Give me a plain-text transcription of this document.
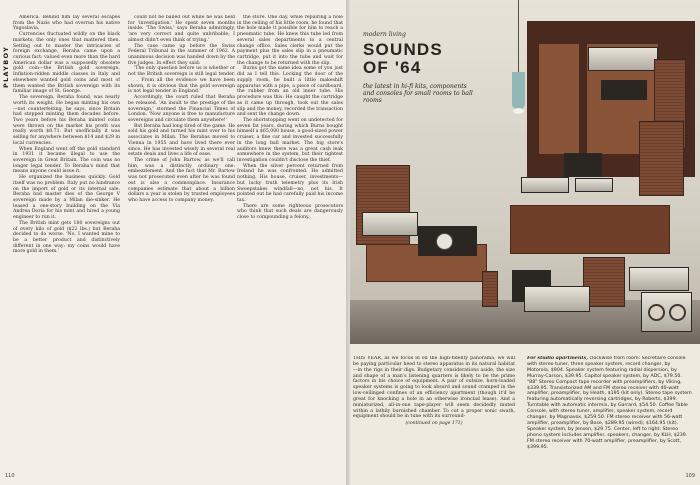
PLAYBOY

America. Behind him lay several escapes from the Nazis who had overrun his native Yugoslavia.

Currencies fluctuated wildly on the black markets; the only ones that mattered then. Setting out to master the intricacies of foreign exchange, Beraha came upon a curious fact: valued even more than the hard American dollar was a supposedly obsolete gold coin—the British gold sovereign. Inflation-ridden middle classes in Italy and elsewhere wanted gold coins and most of them wanted the British sovereign with its familiar image of St. George.

The sovereign, Beraha found, was nearly worth its weight. He began minting his own—not counterfeiting, he says, since Britain had stopped minting them decades before. Two years before his Beraha minted coins were thrown on the market his profit was really worth $8.71. But unofficially it was selling for anywhere between $14 and $29 in local currencies.

When England went off the gold standard in 1931 it became illegal to use the sovereign in Great Britain. The coin was no longer legal tender. To Beraha's mind that means anyone could issue it.

He organized the business quickly. Gold itself was no problem. Italy put no hindrance on the import of gold or its internal sale. Beraha had master dies of the George V sovereign made by a Milan die-sinker. He leased a one-story building on the Via Andrea Doria for his mint and hired a young engineer to run it.

The British mint gets 180 sovereigns out of every kilo of gold ($22 lbs.) but Beraha decided to do worse. 'No, I wanted mine to be a better product and distinctively different in one way: my coins would have more gold in them.'

could not be bailed out while he was held for 'investigation.' He spent seven months inside. 'The Swiss,' says Beraha admiringly, 'are very correct and quite unbribable; I almost didn't even think of trying.'

The case came up before the Swiss Federal Tribunal in the summer of 1962. A unanimous decision was handed down by the five judges. In effect they said:

'The only question before us is whether or not the British sovereign is still legal tender. . . . From all the evidence we have been shown, it is obvious that the gold sovereign is not legal tender in England.'

Accordingly, the court ruled that Beraha be released. 'An insult to the prestige of the sovereign,' stormed the Financial Times of London. 'Now anyone is free to manufacture sovereigns and circulate them anywhere!'

But Beraha had long tired of the game. He sold his gold and turned his mint over to his associates in Milan. The Berahas moved to Vienna in 1955 and have lived there ever since. He has invested wisely in several real estate deals and lives a life of ease.

The crime of John Bartow, as we'll call him, was a distinctly ordinary one: embezzlement. And the fact that Mr. Bartow was not prosecuted even after he was found out is also a commonplace. Insurance companies estimate that about a billion dollars a year is stolen by trusted employees who have access to company money.

the store. One day, while repairing a hole in the ceiling of his little room, he found that the hole made it possible for him to reach a pneumatic tube. He knew this tube led from several sales departments to a central change office. Sales clerks would put the payment plus the sales slip in a pneumatic cartridge, put it into the tube and wait for the change to be returned with the slip.

Burns got the same idea some of you just did as I tell this. Locking the door of the supply room, he built a little makeshift apparatus with a pipe, a piece of cardboard, the rubber from an old inner tube. His procedure was this: He caught the cartridge as it came up through, took out the sales slip and the money, recorded the transaction and sent the change down.

The shortstopping went on undetected for seven fat years, during which Burns bought himself a $65,000 house, a good-sized power cruiser, a fine car and invested successfully in the long bull market. The big store's auditors knew there was a great cash leak somewhere in the system, but their tightest investigation couldn't disclose the thief.

When the silver percent returned from Ireland he was confronted. He admitted nothing. His house, cruiser, investments—but lucky truth telemetry plus its Irish Sweepstakes windfall—no, not his. It pointed out he had carefully paid his income tax.

There are some righteous prosecutors who think that such deals are dangerously close to compounding a felony.

110
modern living
SOUNDS OF '64
the latest in hi-fi kits, components and consoles for small rooms to ball rooms

THIS YEAR, as we focus in on the high-fidelity panorama, we will be paying particular heed to stereo apparatus in its natural habitat—in the rigs in their digs. Budgetary considerations aside, the size and shape of a man's listening quarters is likely to be the prime factors in his choice of equipment. A pair of outsize, horn-loaded speaker systems is going to look absurd and sound cramped in the low-ceilinged confines of an efficiency apartment (though it'd be great for knocking a hole in an otherwise ironclad lease). And a miniaturized, all-in-one tape-player will seem decidedly muted within a lathily burnished chamber. To cut a proper sonic swath, equipment should be in tune with its surround-

(continued on page 171)
For studio apartments, clockwise from room: Secretaire console with stereo tuner, three speaker system, record changer, by Motorola, $904. Speaker system featuring radial dispersion, by Murray-Carson, $39.95. Capitol speaker system, by ADC, $79.50. "88" Stereo Compact tape recorder with preamplifiers, by Viking, $339.95. Transistorized AM and FM stereo receiver with 40-watt amplifier, preamplifier, by Heath, $195 (kit only). Stereo tape system featuring automatically reversing cartridges, by Roberts, $399. Turntable with automatic intermix, by Garrard, $54.50. Coffee Table Console, with stereo tuner, amplifier, speaker system, record changer, by Magnavox, $259.50. FM stereo receiver with 56-watt amplifier, preamplifier, by Bose, $289.95 (wired); $164.95 (kit). Speaker system, by Jensen, $29.75. Center, left to right: Stereo phono system includes amplifier, speakers, changer, by KLH, $239. FM stereo receiver with 70-watt amplifier, preamplifier, by Scott, $399.95.
109
